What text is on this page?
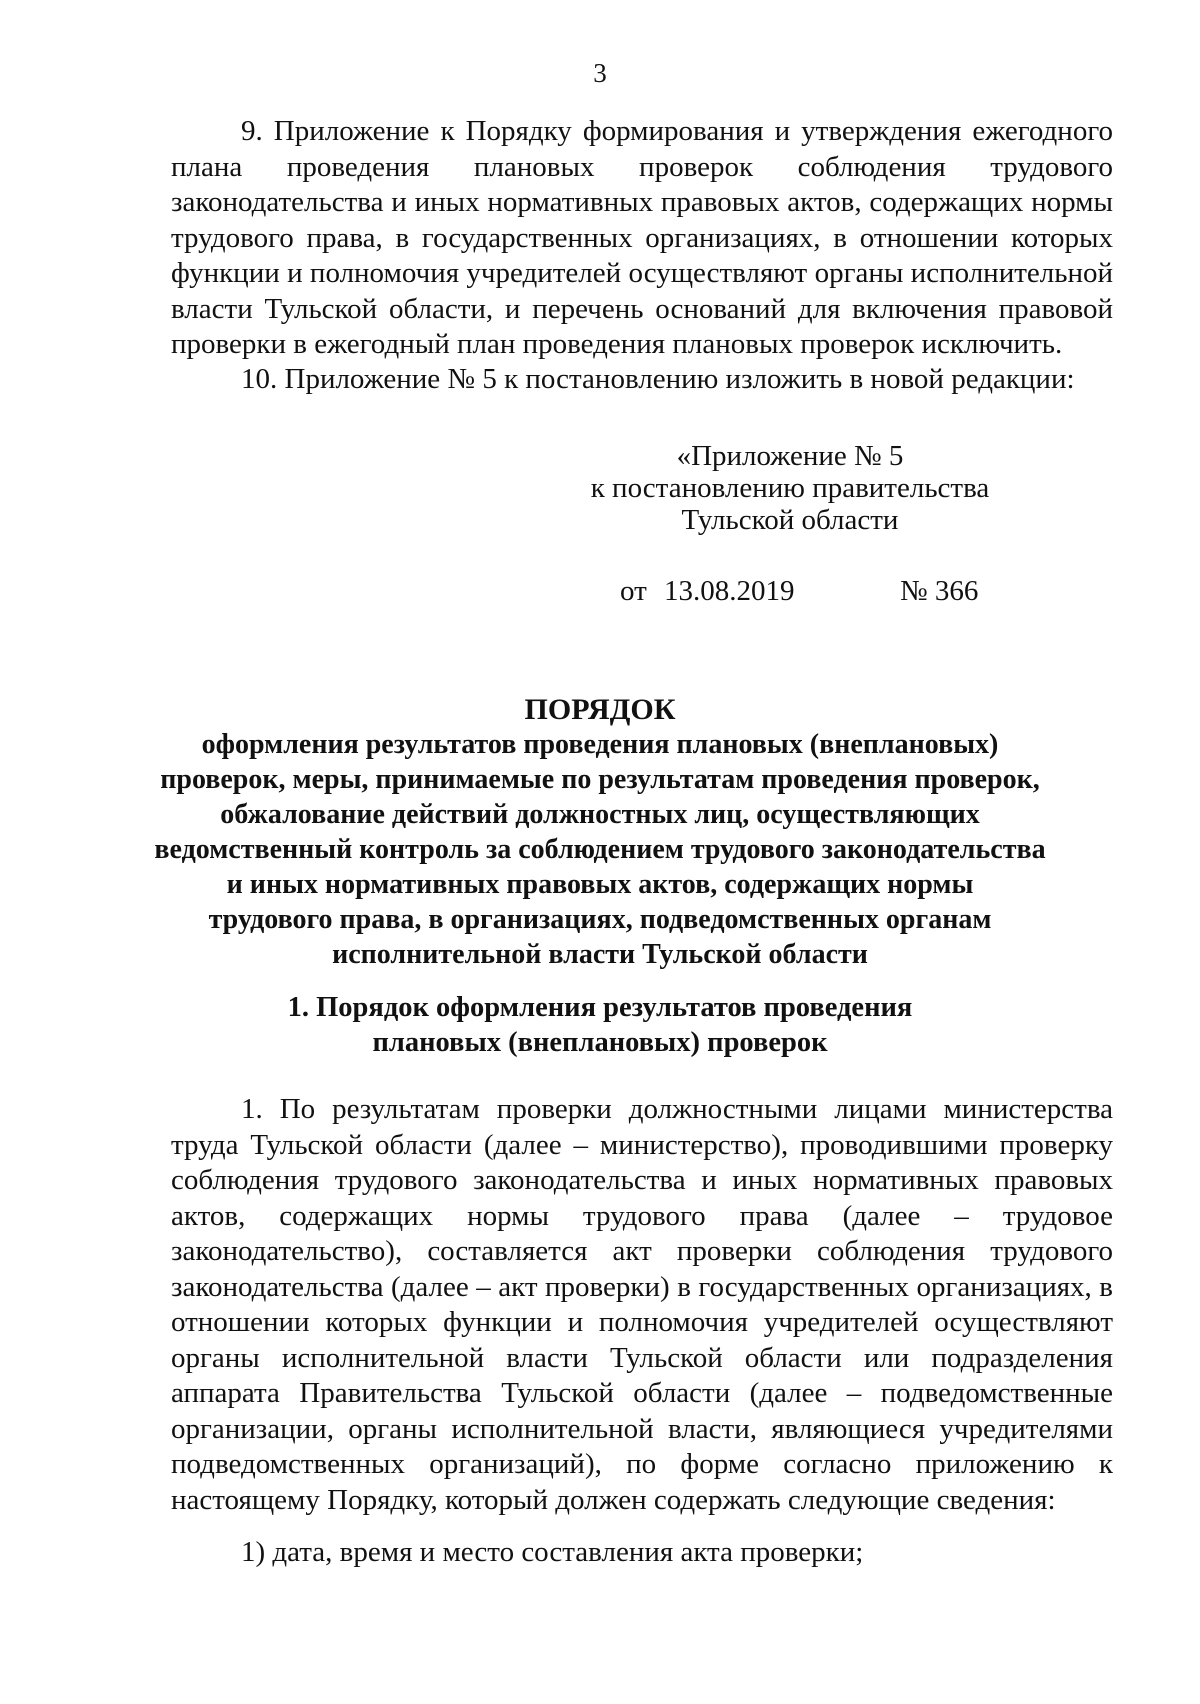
3

9. Приложение к Порядку формирования и утверждения ежегодного плана проведения плановых проверок соблюдения трудового законодательства и иных нормативных правовых актов, содержащих нормы трудового права, в государственных организациях, в отношении которых функции и полномочия учредителей осуществляют органы исполнительной власти Тульской области, и перечень оснований для включения правовой проверки в ежегодный план проведения плановых проверок исключить.

10. Приложение № 5 к постановлению изложить в новой редакции:

«Приложение № 5
к постановлению правительства
Тульской области
от 13.08.2019	№ 366
ПОРЯДОК
оформления результатов проведения плановых (внеплановых)
проверок, меры, принимаемые по результатам проведения проверок,
обжалование действий должностных лиц, осуществляющих
ведомственный контроль за соблюдением трудового законодательства
и иных нормативных правовых актов, содержащих нормы
трудового права, в организациях, подведомственных органам
исполнительной власти Тульской области
1. Порядок оформления результатов проведения
плановых (внеплановых) проверок

1. По результатам проверки должностными лицами министерства труда Тульской области (далее – министерство), проводившими проверку соблюдения трудового законодательства и иных нормативных правовых актов, содержащих нормы трудового права (далее – трудовое законодательство), составляется акт проверки соблюдения трудового законодательства (далее – акт проверки) в государственных организациях, в отношении которых функции и полномочия учредителей осуществляют органы исполнительной власти Тульской области или подразделения аппарата Правительства Тульской области (далее – подведомственные организации, органы исполнительной власти, являющиеся учредителями подведомственных организаций), по форме согласно приложению к настоящему Порядку, который должен содержать следующие сведения:

1) дата, время и место составления акта проверки;
